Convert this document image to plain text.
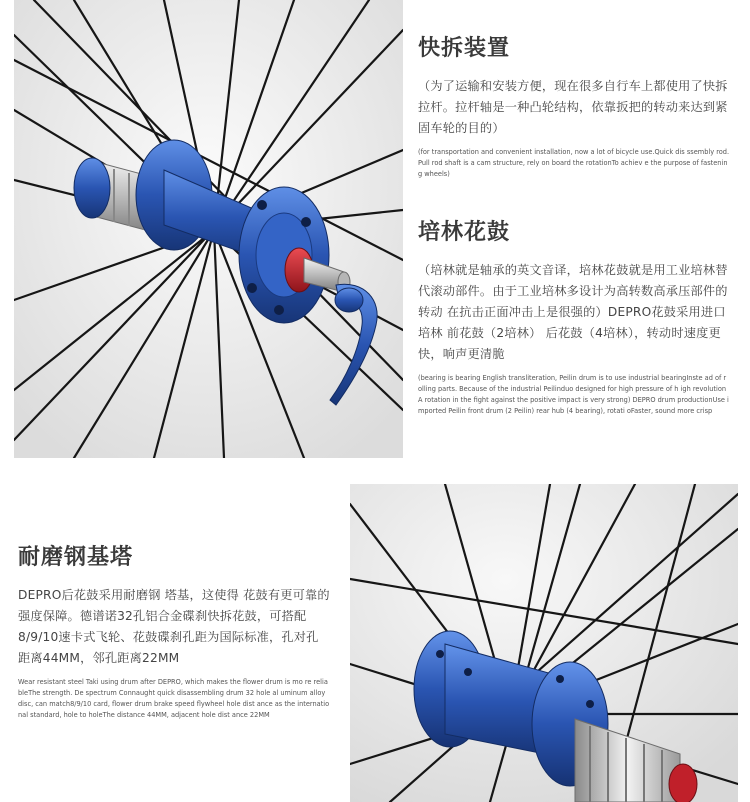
快拆装置

（为了运输和安装方便，现在很多自行车上都使用了快拆拉杆。拉杆轴是一种凸轮结构，依靠扳把的转动来达到紧固车轮的目的）

(for transportation and convenient installation, now a lot of bicycle use.Quick dis ssembly rod. Pull rod shaft is a cam structure, rely on board the rotationTo achiev e the purpose of fastening wheels)

培林花鼓

（培林就是轴承的英文音译，培林花鼓就是用工业培林替代滚动部件。由于工业培林多设计为高转数高承压部件的转动 在抗击正面冲击上是很强的）DEPRO花鼓采用进口培林 前花鼓（2培林） 后花鼓（4培林），转动时速度更快，响声更清脆

(bearing is bearing English transliteration, Peilin drum is to use industrial bearingInste ad of rolling parts. Because of the industrial Peilinduo designed for high pressure of h igh revolutionA rotation in the fight against the positive impact is very strong) DEPRO drum productionUse imported Peilin front drum (2 Peilin) rear hub (4 bearing), rotati oFaster, sound more crisp

耐磨钢基塔

DEPRO后花鼓采用耐磨钢 塔基，这使得 花鼓有更可靠的强度保障。德谱诺32孔铝合金碟刹快拆花鼓，可搭配8/9/10速卡式飞轮、花鼓碟刹孔距为国际标准，孔对孔距离44MM，邻孔距离22MM

Wear resistant steel Taki using drum after DEPRO, which makes the flower drum is mo re reliableThe strength. De spectrum Connaught quick disassembling drum 32 hole al uminum alloy disc, can match8/9/10 card, flower drum brake speed flywheel hole dist ance as the international standard, hole to holeThe distance 44MM, adjacent hole dist ance 22MM
